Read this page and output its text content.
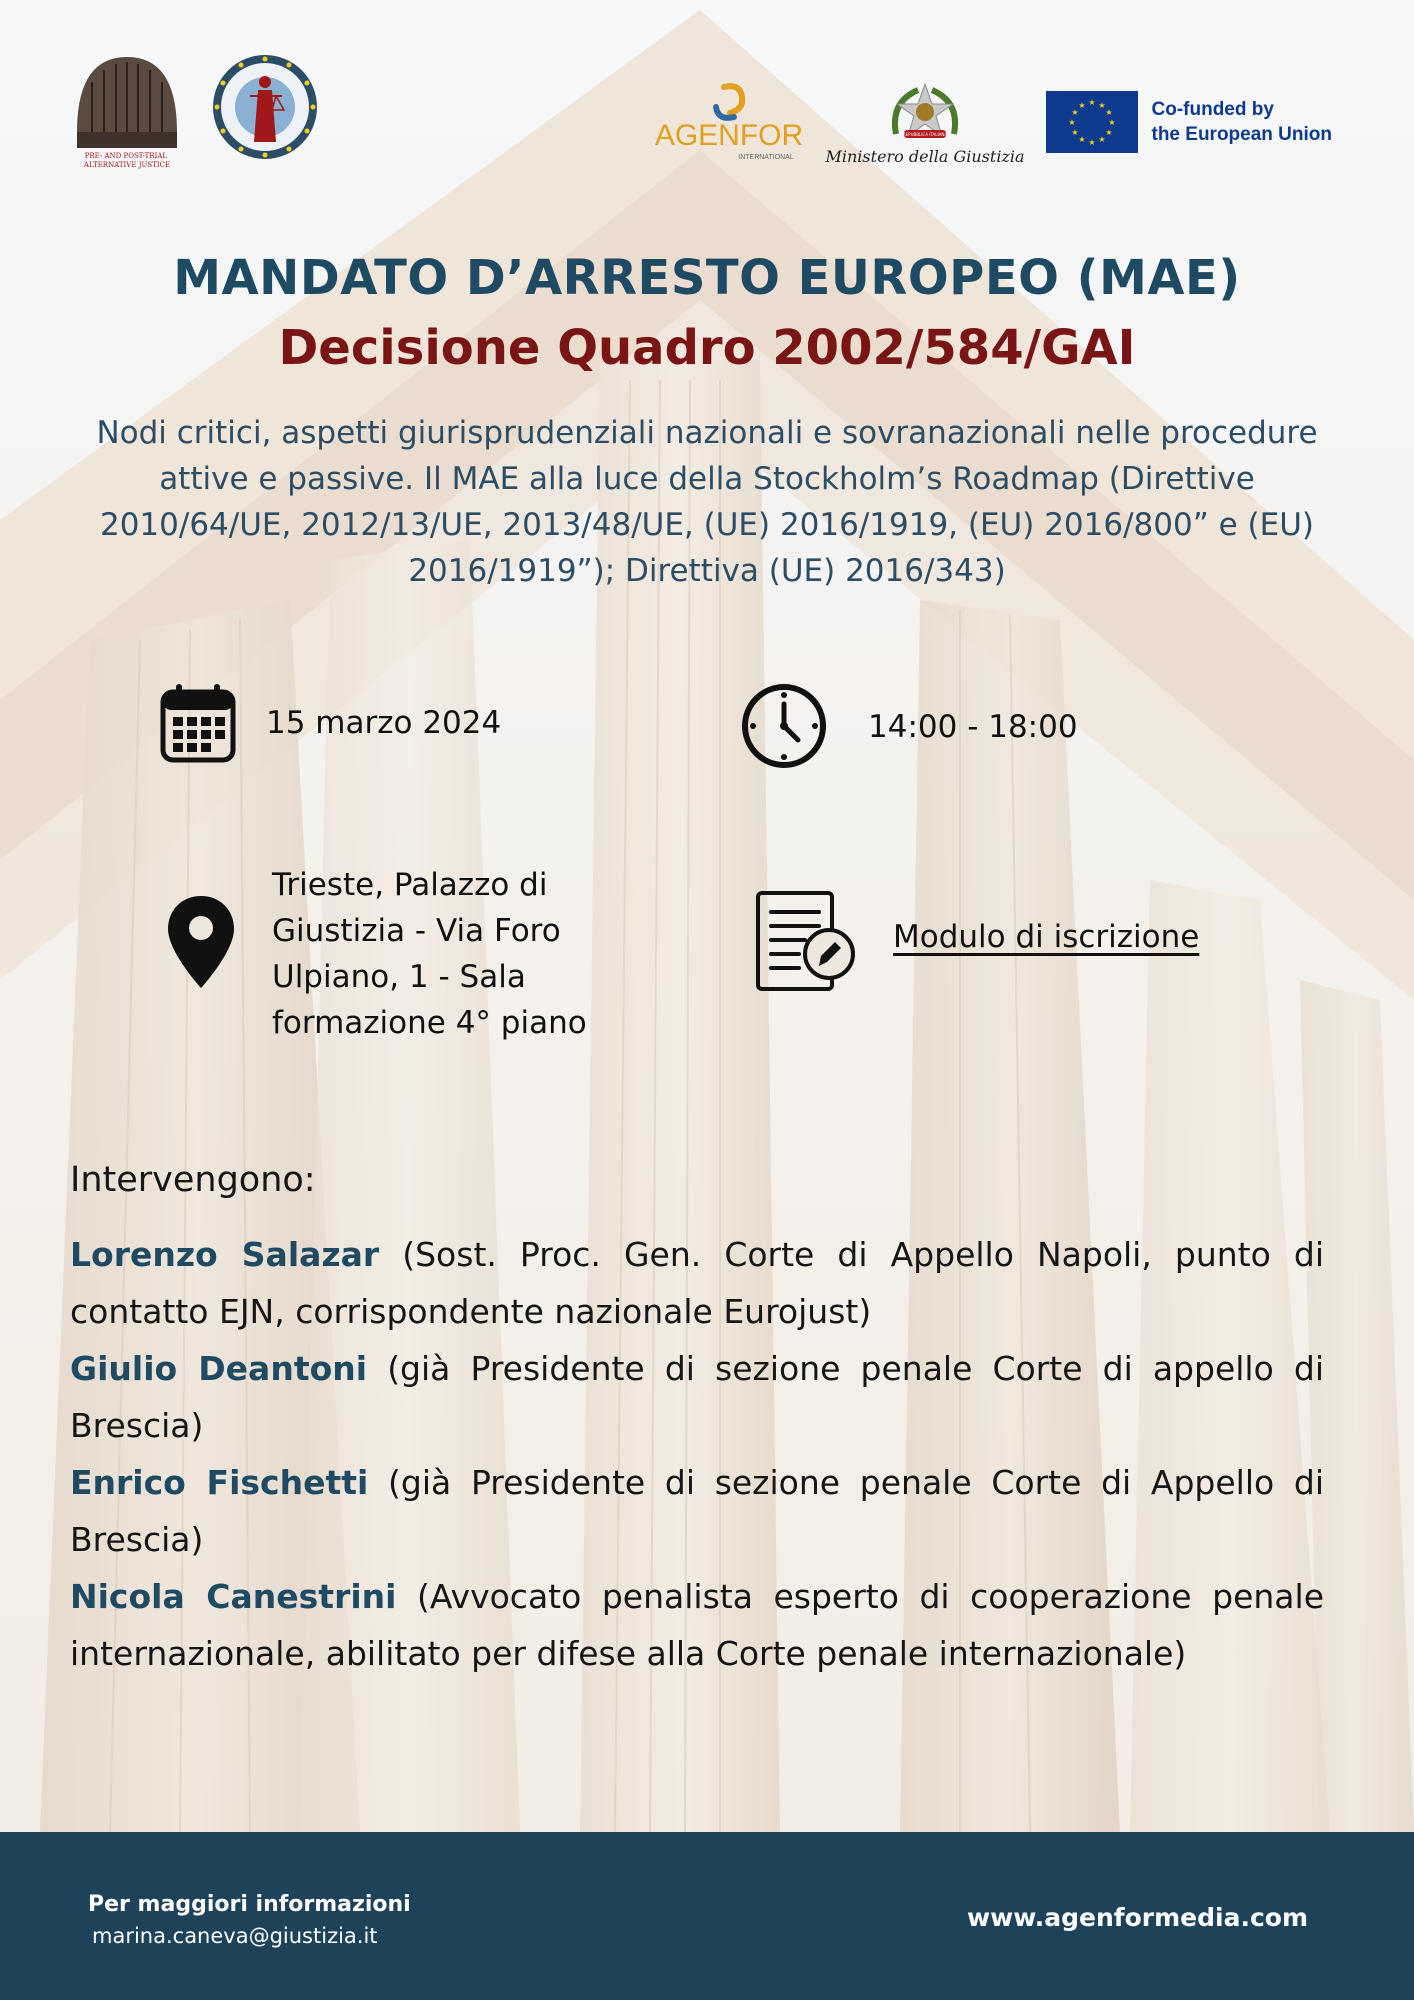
PRE- AND POST-TRIAL ALTERNATIVE JUSTICE
AGENFOR
INTERNATIONAL
REPUBBLICA ITALIANA
Ministero della Giustizia
★ ★
★
★
★
★
★
★
★
★
★
★	Co-funded by
the European Union
MANDATO D’ARRESTO EUROPEO (MAE)
Decisione Quadro 2002/584/GAI
Nodi critici, aspetti giurisprudenziali nazionali e sovranazionali nelle procedure attive e passive. Il MAE alla luce della Stockholm’s Roadmap (Direttive 2010/64/UE, 2012/13/UE, 2013/48/UE, (UE) 2016/1919, (EU) 2016/800” e (EU) 2016/1919”); Direttiva (UE) 2016/343)
15 marzo 2024	14:00 - 18:00
Trieste, Palazzo di Giustizia - Via Foro Ulpiano, 1 - Sala formazione 4° piano
Modulo di iscrizione

Intervengono:

Lorenzo Salazar (Sost. Proc. Gen. Corte di Appello Napoli, punto di contatto EJN, corrispondente nazionale Eurojust)

Giulio Deantoni (già Presidente di sezione penale Corte di appello di Brescia)

Enrico Fischetti (già Presidente di sezione penale Corte di Appello di Brescia)

Nicola Canestrini (Avvocato penalista esperto di cooperazione penale internazionale, abilitato per difese alla Corte penale internazionale)

Per maggiori informazioni
marina.caneva@giustizia.it
www.agenformedia.com
